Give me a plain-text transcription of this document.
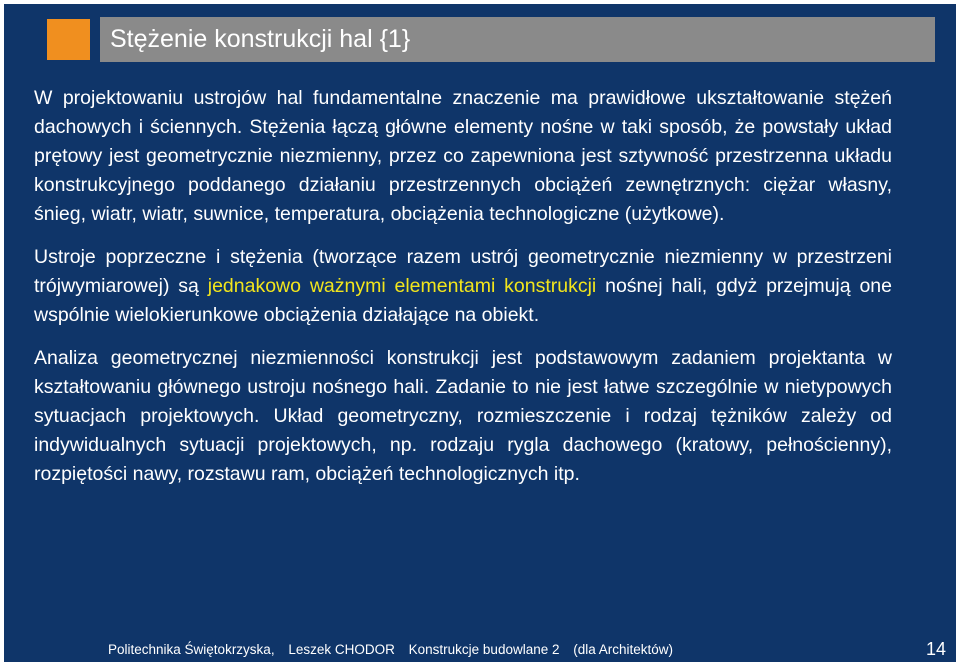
Stężenie konstrukcji hal {1}

W projektowaniu ustrojów hal fundamentalne znaczenie ma prawidłowe ukształtowanie stężeń dachowych i ściennych. Stężenia łączą główne elementy nośne w taki sposób, że powstały układ prętowy jest geometrycznie niezmienny, przez co zapewniona jest sztywność przestrzenna układu konstrukcyjnego poddanego działaniu przestrzennych obciążeń zewnętrznych: ciężar własny, śnieg, wiatr, wiatr, suwnice, temperatura, obciążenia technologiczne (użytkowe).

Ustroje poprzeczne i stężenia (tworzące razem ustrój geometrycznie niezmienny w przestrzeni trójwymiarowej) są jednakowo ważnymi elementami konstrukcji nośnej hali, gdyż przejmują one wspólnie wielokierunkowe obciążenia działające na obiekt.

Analiza geometrycznej niezmienności konstrukcji jest podstawowym zadaniem projektanta w kształtowaniu głównego ustroju nośnego hali. Zadanie to nie jest łatwe szczególnie w nietypowych sytuacjach projektowych. Układ geometryczny, rozmieszczenie i rodzaj tężników zależy od indywidualnych sytuacji projektowych, np. rodzaju rygla dachowego (kratowy, pełnościenny), rozpiętości nawy, rozstawu ram, obciążeń technologicznych itp.

Politechnika Świętokrzyska, Leszek CHODOR Konstrukcje budowlane 2 (dla Architektów)	14
